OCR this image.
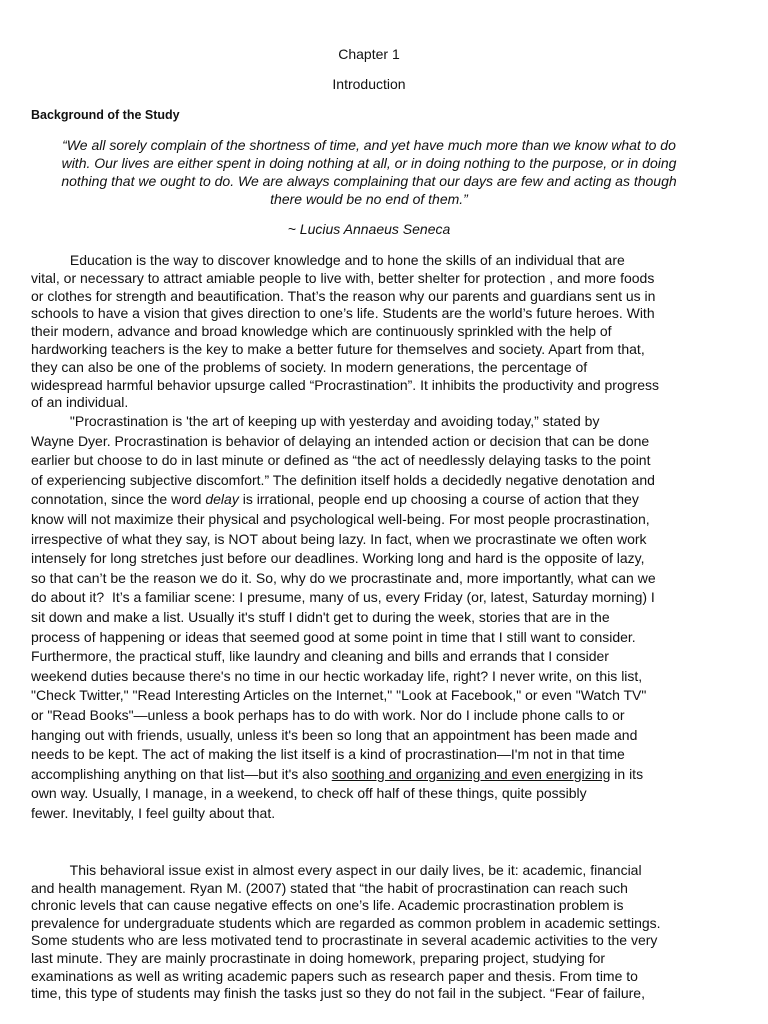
Chapter 1
Introduction
Background of the Study
“We all sorely complain of the shortness of time, and yet have much more than we know what to do
with. Our lives are either spent in doing nothing at all, or in doing nothing to the purpose, or in doing
nothing that we ought to do. We are always complaining that our days are few and acting as though
there would be no end of them.”
~ Lucius Annaeus Seneca
Education is the way to discover knowledge and to hone the skills of an individual that are
vital, or necessary to attract amiable people to live with, better shelter for protection , and more foods
or clothes for strength and beautification. That’s the reason why our parents and guardians sent us in
schools to have a vision that gives direction to one’s life. Students are the world’s future heroes. With
their modern, advance and broad knowledge which are continuously sprinkled with the help of
hardworking teachers is the key to make a better future for themselves and society. Apart from that,
they can also be one of the problems of society. In modern generations, the percentage of
widespread harmful behavior upsurge called “Procrastination”. It inhibits the productivity and progress
of an individual.
"Procrastination is 'the art of keeping up with yesterday and avoiding today,” stated by
Wayne Dyer. Procrastination is behavior of delaying an intended action or decision that can be done
earlier but choose to do in last minute or defined as “the act of needlessly delaying tasks to the point
of experiencing subjective discomfort.” The definition itself holds a decidedly negative denotation and
connotation, since the word delay is irrational, people end up choosing a course of action that they
know will not maximize their physical and psychological well-being. For most people procrastination,
irrespective of what they say, is NOT about being lazy. In fact, when we procrastinate we often work
intensely for long stretches just before our deadlines. Working long and hard is the opposite of lazy,
so that can’t be the reason we do it. So, why do we procrastinate and, more importantly, what can we
do about it?  It’s a familiar scene: I presume, many of us, every Friday (or, latest, Saturday morning) I
sit down and make a list. Usually it's stuff I didn't get to during the week, stories that are in the
process of happening or ideas that seemed good at some point in time that I still want to consider.
Furthermore, the practical stuff, like laundry and cleaning and bills and errands that I consider
weekend duties because there's no time in our hectic workaday life, right? I never write, on this list,
"Check Twitter," "Read Interesting Articles on the Internet," "Look at Facebook," or even "Watch TV"
or "Read Books"—unless a book perhaps has to do with work. Nor do I include phone calls to or
hanging out with friends, usually, unless it's been so long that an appointment has been made and
needs to be kept. The act of making the list itself is a kind of procrastination—I'm not in that time
accomplishing anything on that list—but it's also soothing and organizing and even energizing in its
own way. Usually, I manage, in a weekend, to check off half of these things, quite possibly
fewer. Inevitably, I feel guilty about that.
This behavioral issue exist in almost every aspect in our daily lives, be it: academic, financial
and health management. Ryan M. (2007) stated that “the habit of procrastination can reach such
chronic levels that can cause negative effects on one’s life. Academic procrastination problem is
prevalence for undergraduate students which are regarded as common problem in academic settings.
Some students who are less motivated tend to procrastinate in several academic activities to the very
last minute. They are mainly procrastinate in doing homework, preparing project, studying for
examinations as well as writing academic papers such as research paper and thesis. From time to
time, this type of students may finish the tasks just so they do not fail in the subject. “Fear of failure,
